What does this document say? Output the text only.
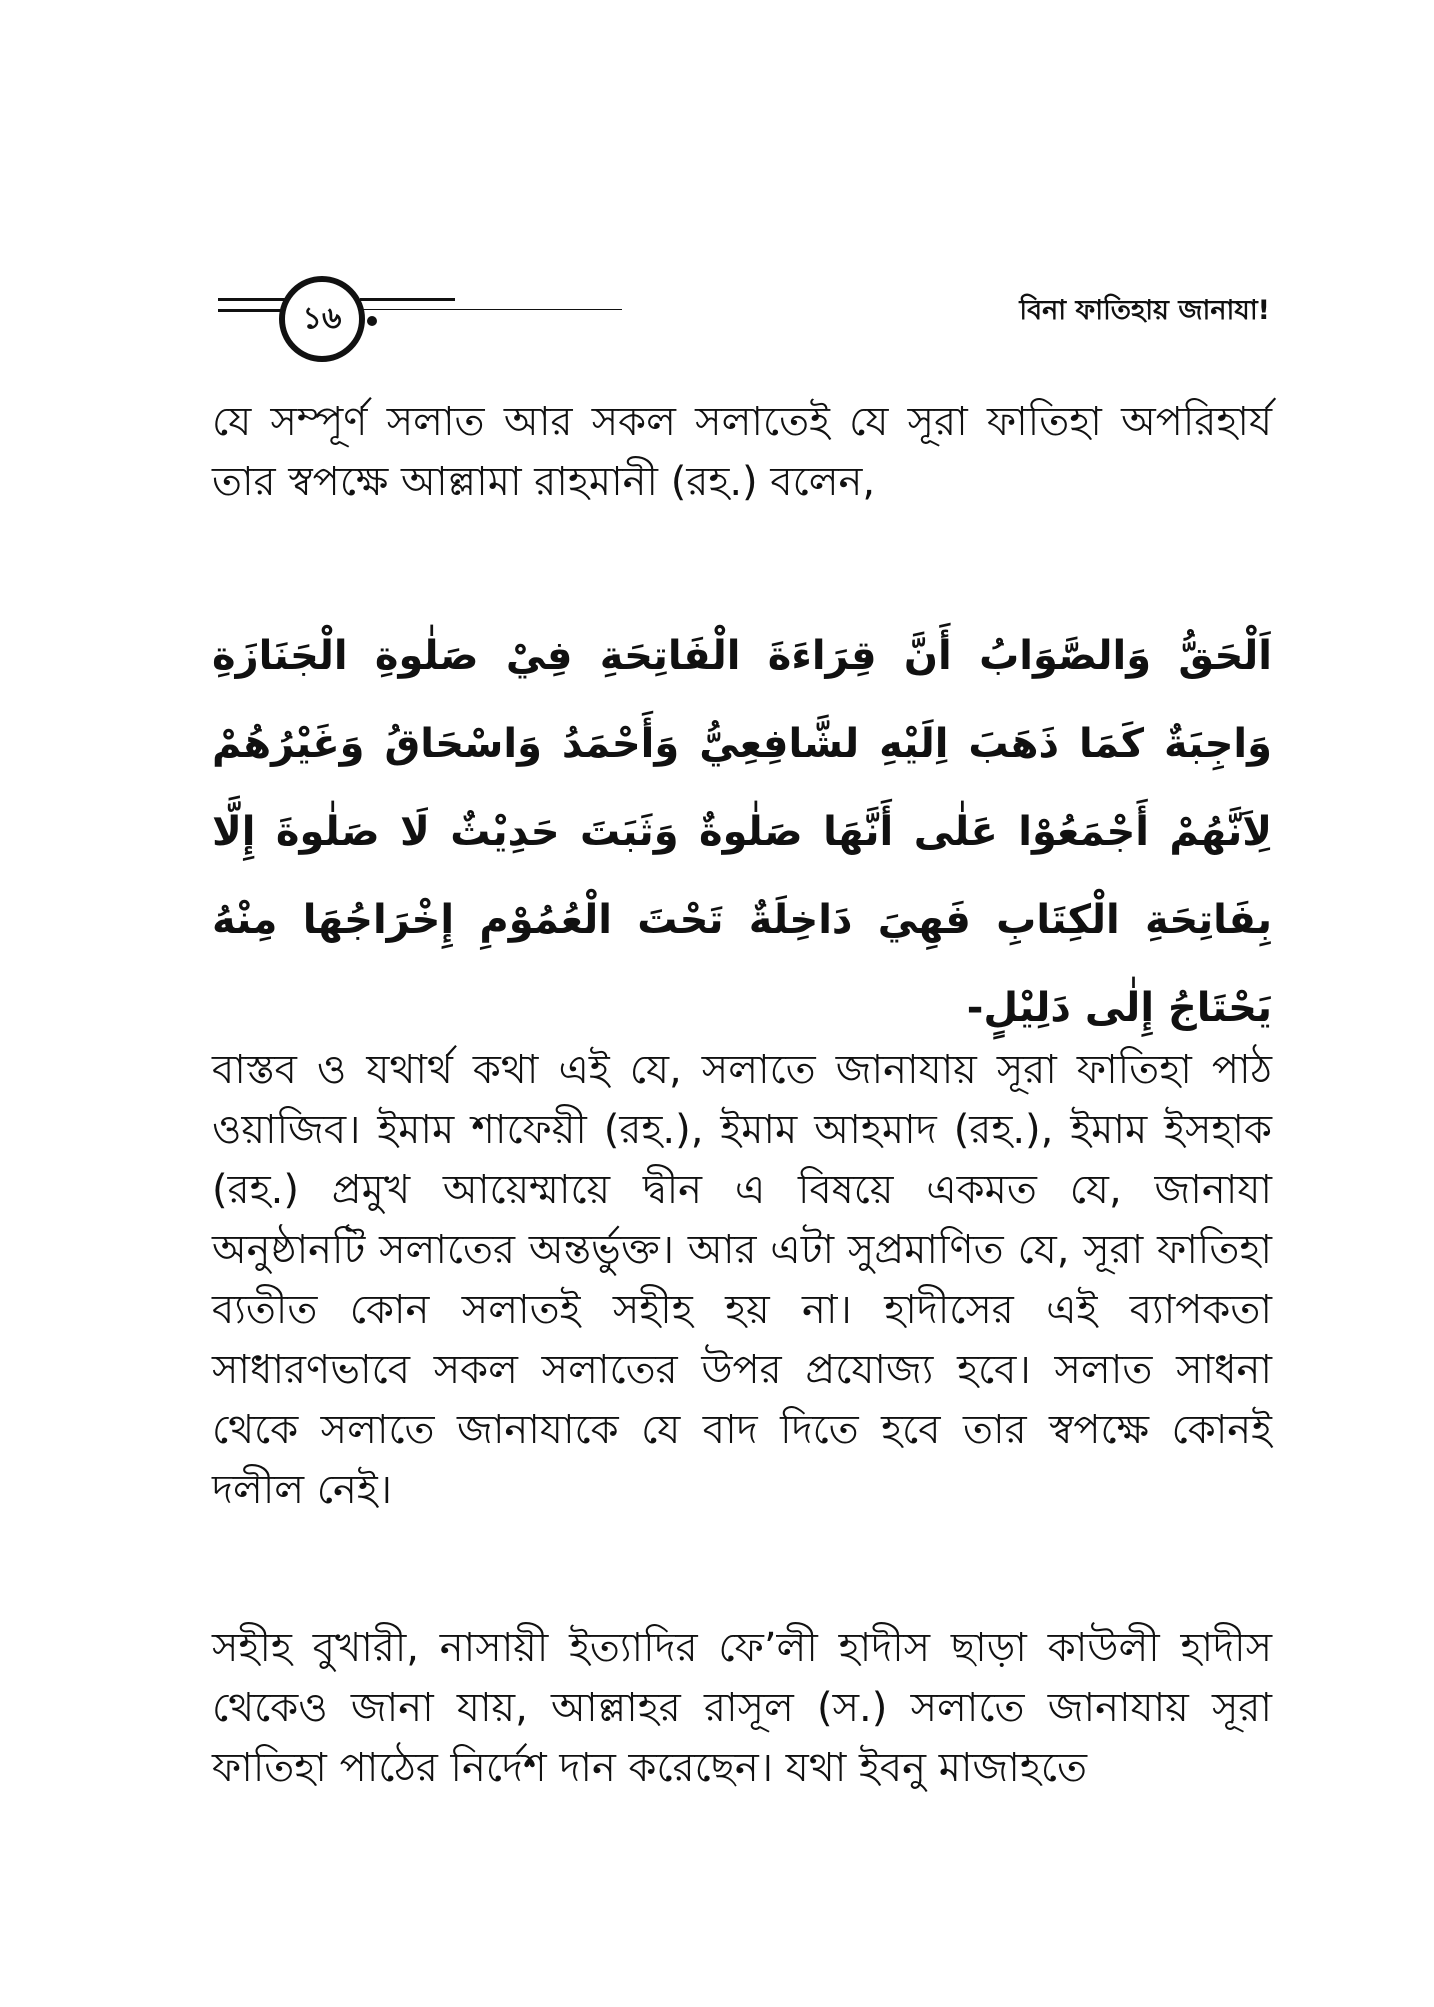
১৬	বিনা ফাতিহায় জানাযা!

যে সম্পূর্ণ সলাত আর সকল সলাতেই যে সূরা ফাতিহা অপরিহার্য তার স্বপক্ষে আল্লামা রাহমানী (রহ.) বলেন,

اَلْحَقُّ وَالصَّوَابُ أَنَّ قِرَاءَةَ الْفَاتِحَةِ فِيْ صَلٰوةِ الْجَنَازَةِ وَاجِبَةٌ كَمَا ذَهَبَ اِلَيْهِ لشَّافِعِيُّ وَأَحْمَدُ وَاسْحَاقُ وَغَيْرُهُمْ لِاَنَّهُمْ أَجْمَعُوْا عَلٰى أَنَّهَا صَلٰوةٌ وَثَبَتَ حَدِيْثٌ لَا صَلٰوةَ إِلَّا بِفَاتِحَةِ الْكِتَابِ فَهِيَ دَاخِلَةٌ تَحْتَ الْعُمُوْمِ إِخْرَاجُهَا مِنْهُ يَحْتَاجُ إِلٰى دَلِيْلٍ-

বাস্তব ও যথার্থ কথা এই যে, সলাতে জানাযায় সূরা ফাতিহা পাঠ ওয়াজিব। ইমাম শাফেয়ী (রহ.), ইমাম আহমাদ (রহ.), ইমাম ইসহাক (রহ.) প্রমুখ আয়েম্মায়ে দ্বীন এ বিষয়ে একমত যে, জানাযা অনুষ্ঠানটি সলাতের অন্তর্ভুক্ত। আর এটা সুপ্রমাণিত যে, সূরা ফাতিহা ব্যতীত কোন সলাতই সহীহ হয় না। হাদীসের এই ব্যাপকতা সাধারণভাবে সকল সলাতের উপর প্রযোজ্য হবে। সলাত সাধনা থেকে সলাতে জানাযাকে যে বাদ দিতে হবে তার স্বপক্ষে কোনই দলীল নেই।

সহীহ বুখারী, নাসায়ী ইত্যাদির ফে’লী হাদীস ছাড়া কাউলী হাদীস থেকেও জানা যায়, আল্লাহর রাসূল (স.) সলাতে জানাযায় সূরা ফাতিহা পাঠের নির্দেশ দান করেছেন। যথা ইবনু মাজাহতে
